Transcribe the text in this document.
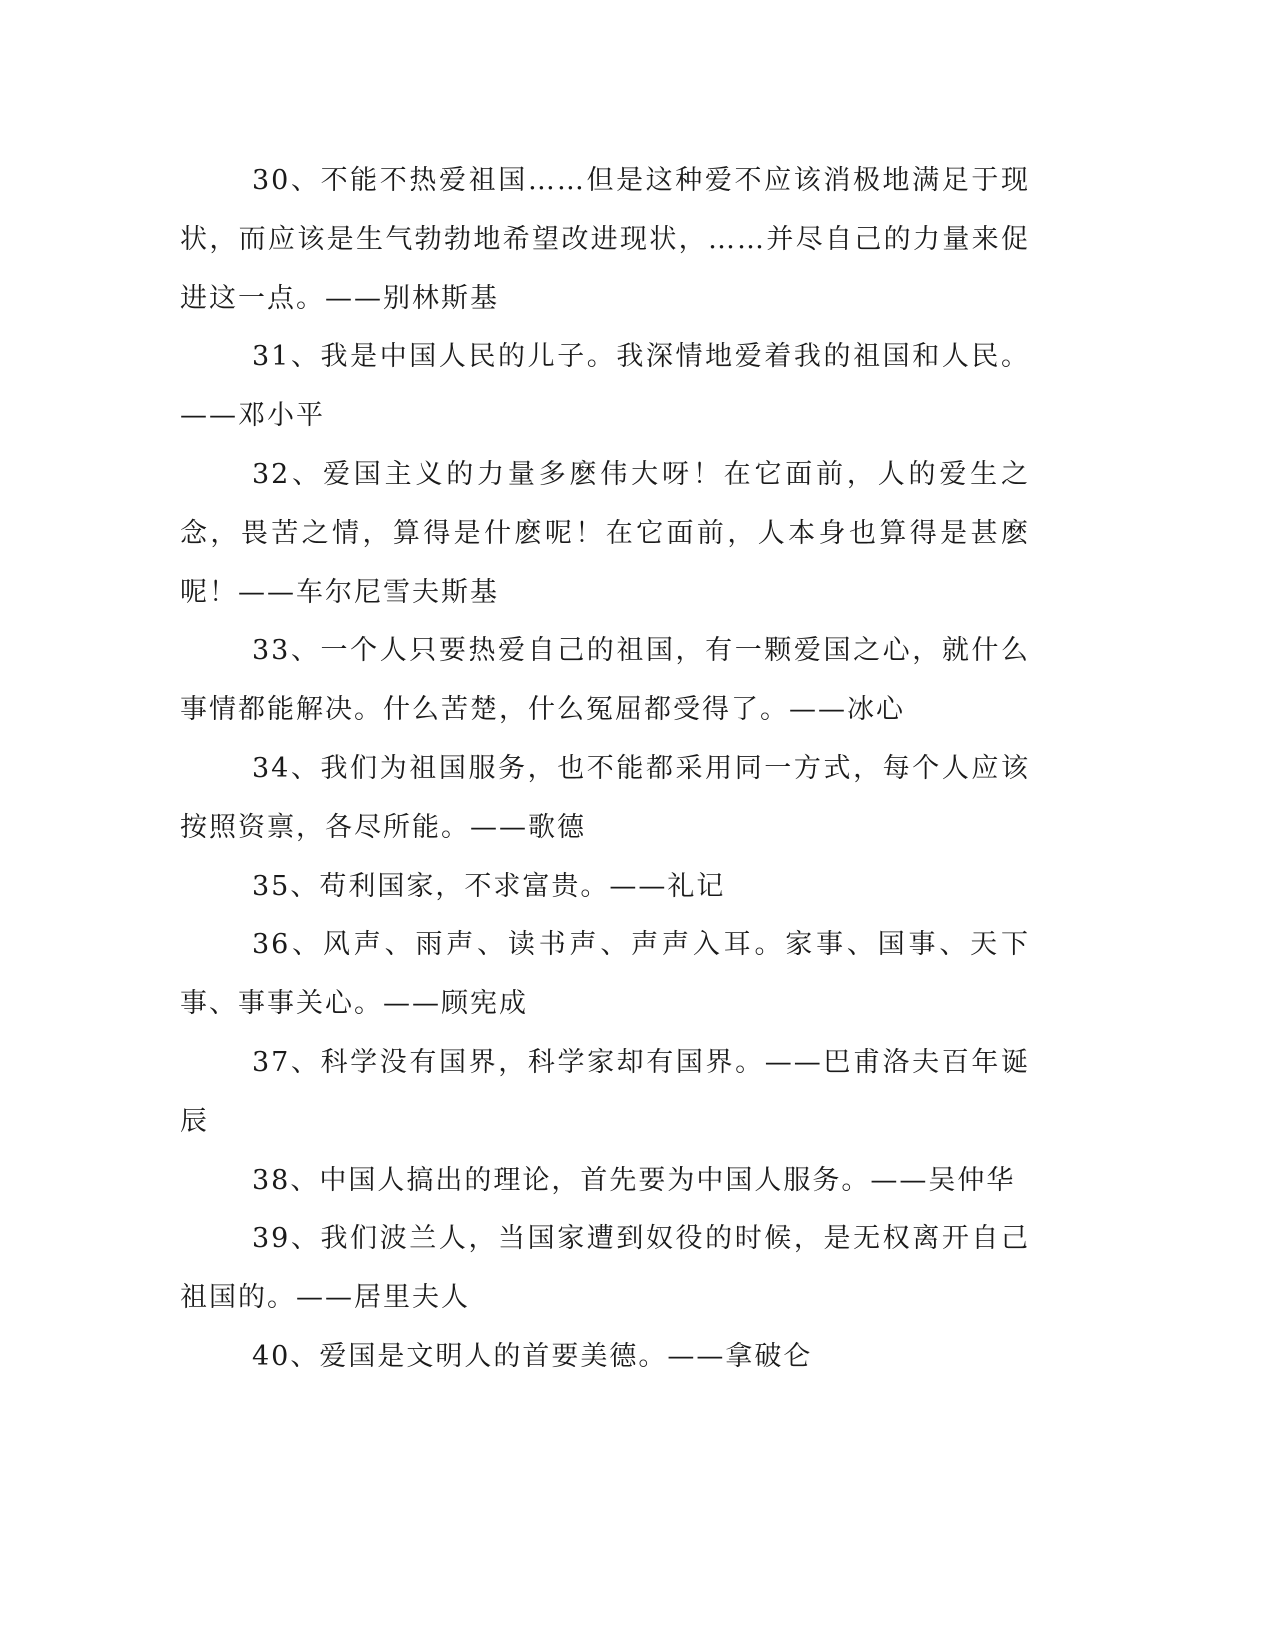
30、不能不热爱祖国……但是这种爱不应该消极地满足于现状，而应该是生气勃勃地希望改进现状，……并尽自己的力量来促进这一点。——别林斯基

31、我是中国人民的儿子。我深情地爱着我的祖国和人民。——邓小平

32、爱国主义的力量多麽伟大呀！在它面前，人的爱生之念，畏苦之情，算得是什麽呢！在它面前，人本身也算得是甚麽呢！——车尔尼雪夫斯基

33、一个人只要热爱自己的祖国，有一颗爱国之心，就什么事情都能解决。什么苦楚，什么冤屈都受得了。——冰心

34、我们为祖国服务，也不能都采用同一方式，每个人应该按照资禀，各尽所能。——歌德

35、苟利国家，不求富贵。——礼记

36、风声、雨声、读书声、声声入耳。家事、国事、天下事、事事关心。——顾宪成

37、科学没有国界，科学家却有国界。——巴甫洛夫百年诞辰

38、中国人搞出的理论，首先要为中国人服务。——吴仲华

39、我们波兰人，当国家遭到奴役的时候，是无权离开自己祖国的。——居里夫人

40、爱国是文明人的首要美德。——拿破仑
